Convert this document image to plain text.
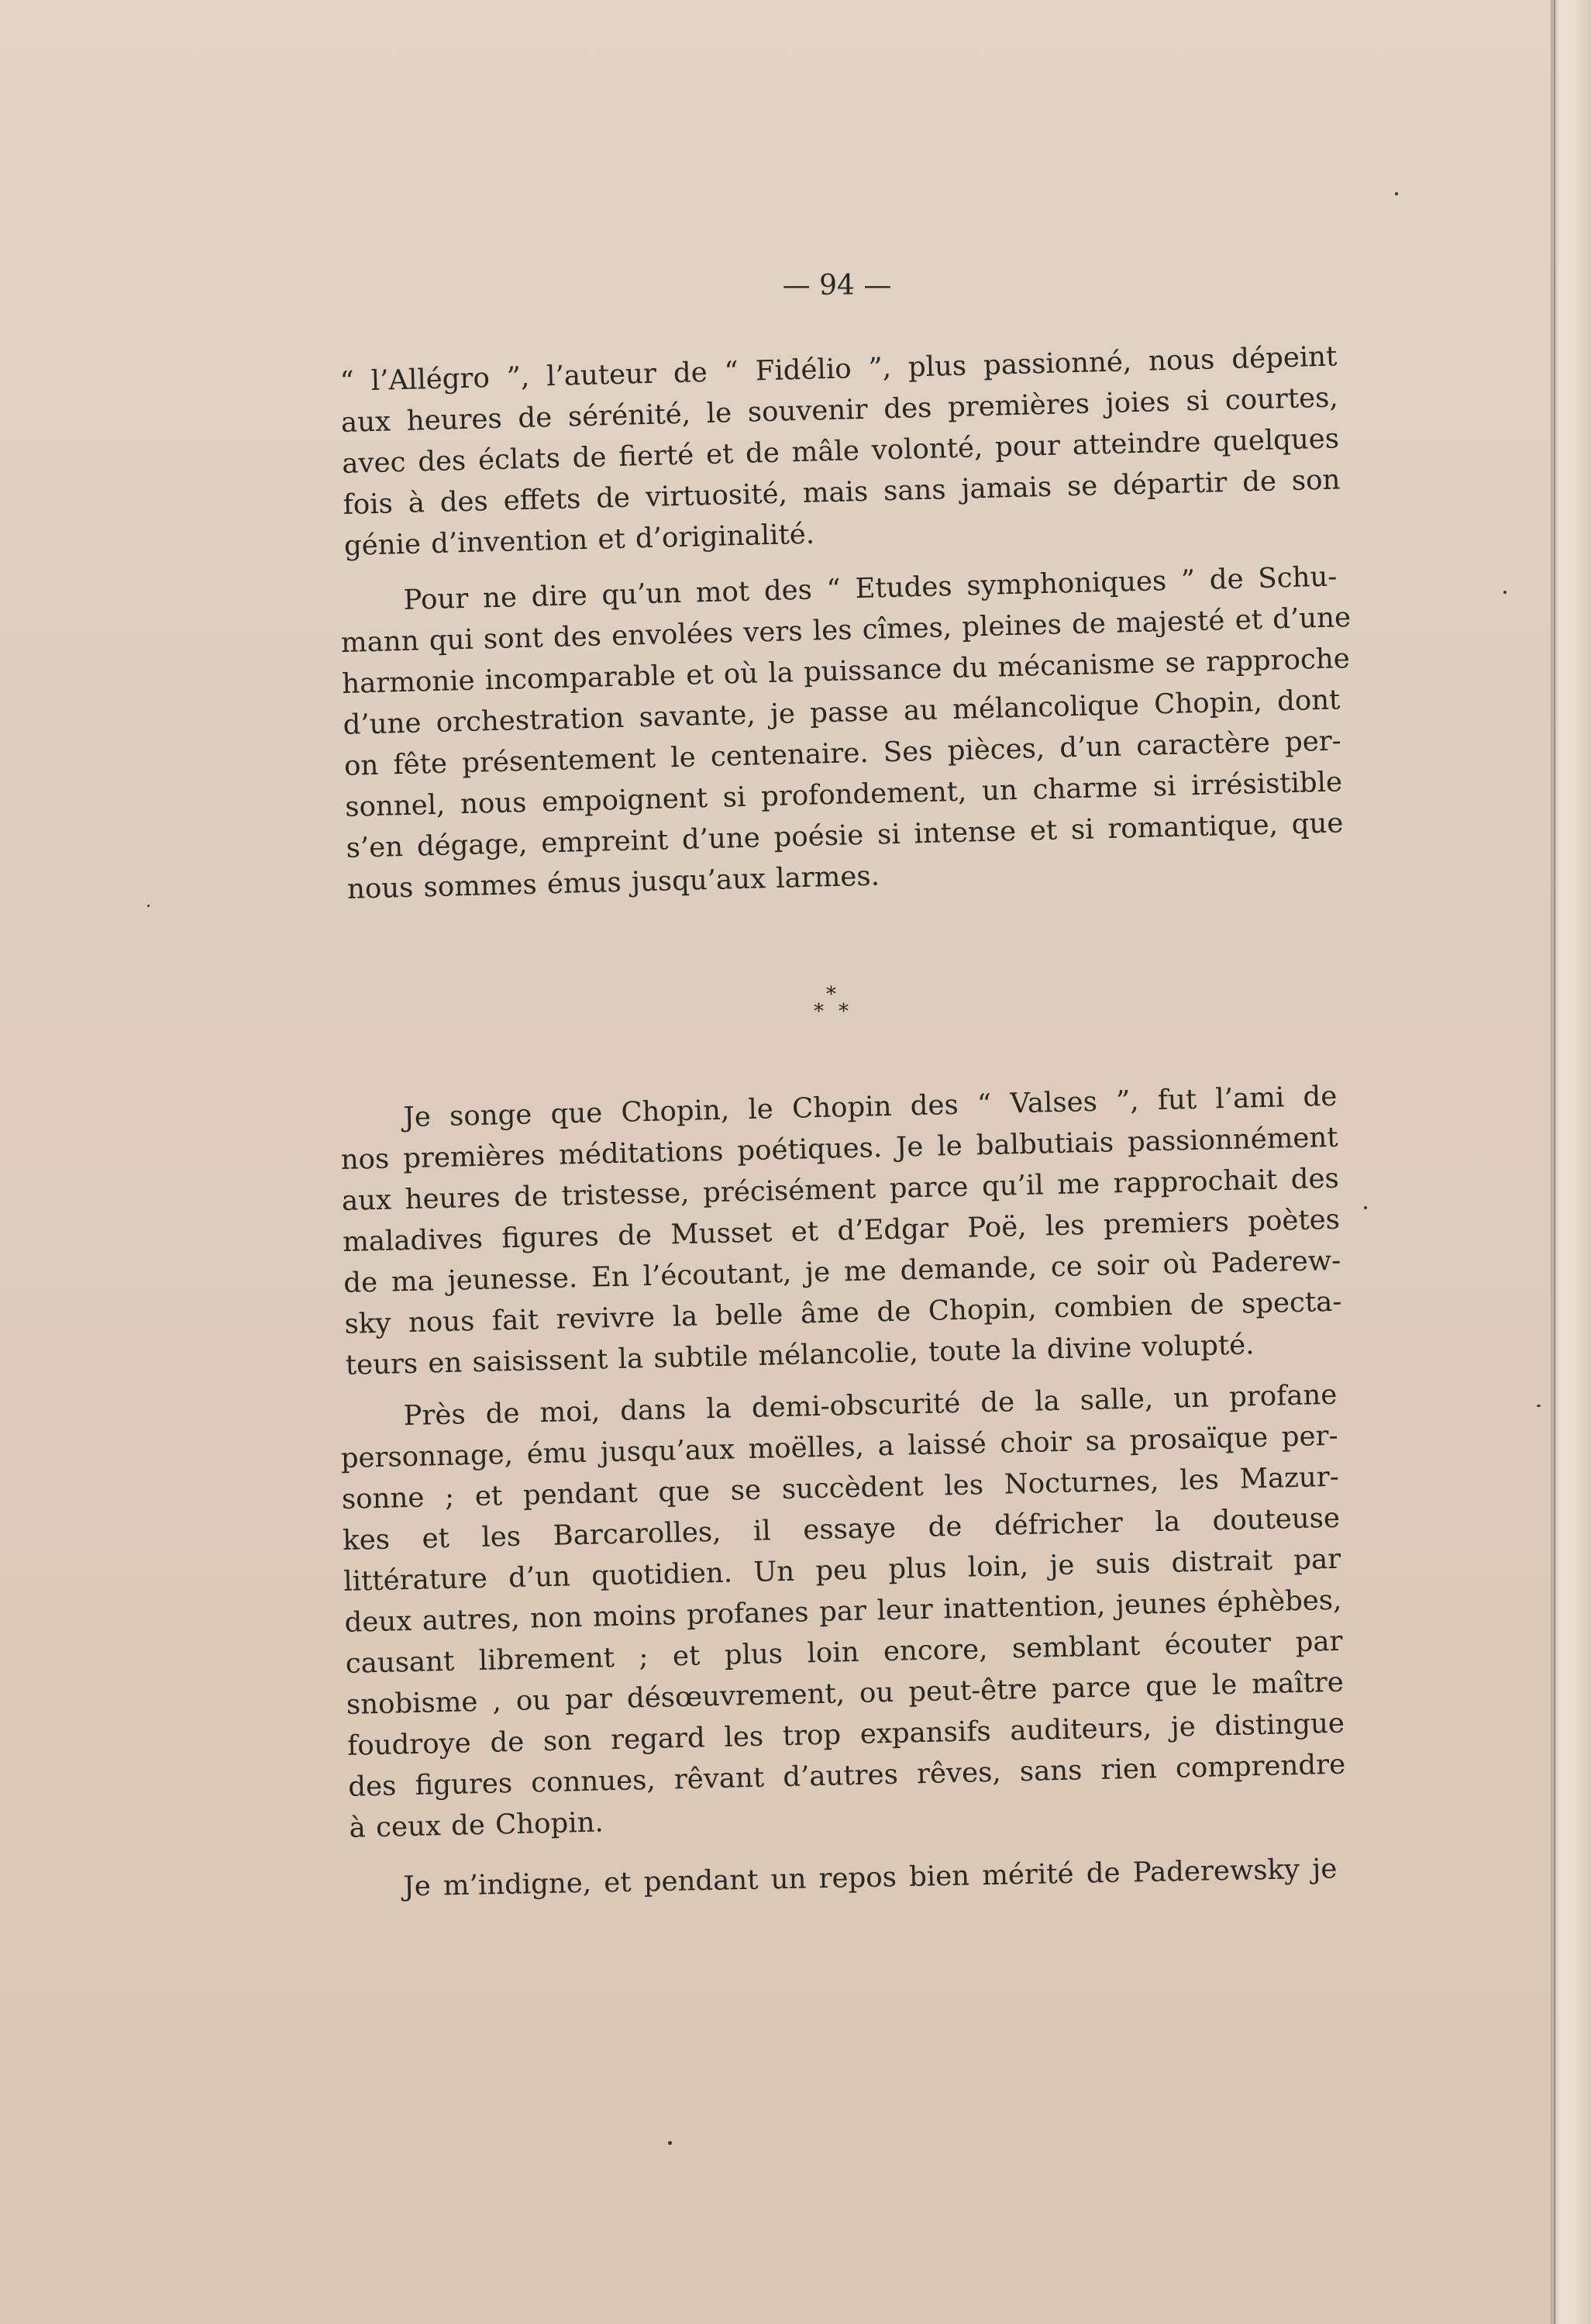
— 94 —
“ l’Allégro ”, l’auteur de “ Fidélio ”, plus passionné, nous dépeint
aux heures de sérénité, le souvenir des premières joies si courtes,
avec des éclats de fierté et de mâle volonté, pour atteindre quelques
fois à des effets de virtuosité, mais sans jamais se départir de son
génie d’invention et d’originalité.
Pour ne dire qu’un mot des “ Etudes symphoniques ” de Schu-
mann qui sont des envolées vers les cîmes, pleines de majesté et d’une
harmonie incomparable et où la puissance du mécanisme se rapproche
d’une orchestration savante, je passe au mélancolique Chopin, dont
on fête présentement le centenaire. Ses pièces, d’un caractère per-
sonnel, nous empoignent si profondement, un charme si irrésistible
s’en dégage, empreint d’une poésie si intense et si romantique, que
nous sommes émus jusqu’aux larmes.
*
* *
Je songe que Chopin, le Chopin des “ Valses ”, fut l’ami de
nos premières méditations poétiques. Je le balbutiais passionnément
aux heures de tristesse, précisément parce qu’il me rapprochait des
maladives figures de Musset et d’Edgar Poë, les premiers poètes
de ma jeunesse. En l’écoutant, je me demande, ce soir où Paderew-
sky nous fait revivre la belle âme de Chopin, combien de specta-
teurs en saisissent la subtile mélancolie, toute la divine volupté.
Près de moi, dans la demi-obscurité de la salle, un profane
personnage, ému jusqu’aux moëlles, a laissé choir sa prosaïque per-
sonne ; et pendant que se succèdent les Nocturnes, les Mazur-
kes et les Barcarolles, il essaye de défricher la douteuse
littérature d’un quotidien. Un peu plus loin, je suis distrait par
deux autres, non moins profanes par leur inattention, jeunes éphèbes,
causant librement ; et plus loin encore, semblant écouter par
snobisme , ou par désœuvrement, ou peut-être parce que le maître
foudroye de son regard les trop expansifs auditeurs, je distingue
des figures connues, rêvant d’autres rêves, sans rien comprendre
à ceux de Chopin.
Je m’indigne, et pendant un repos bien mérité de Paderewsky je
